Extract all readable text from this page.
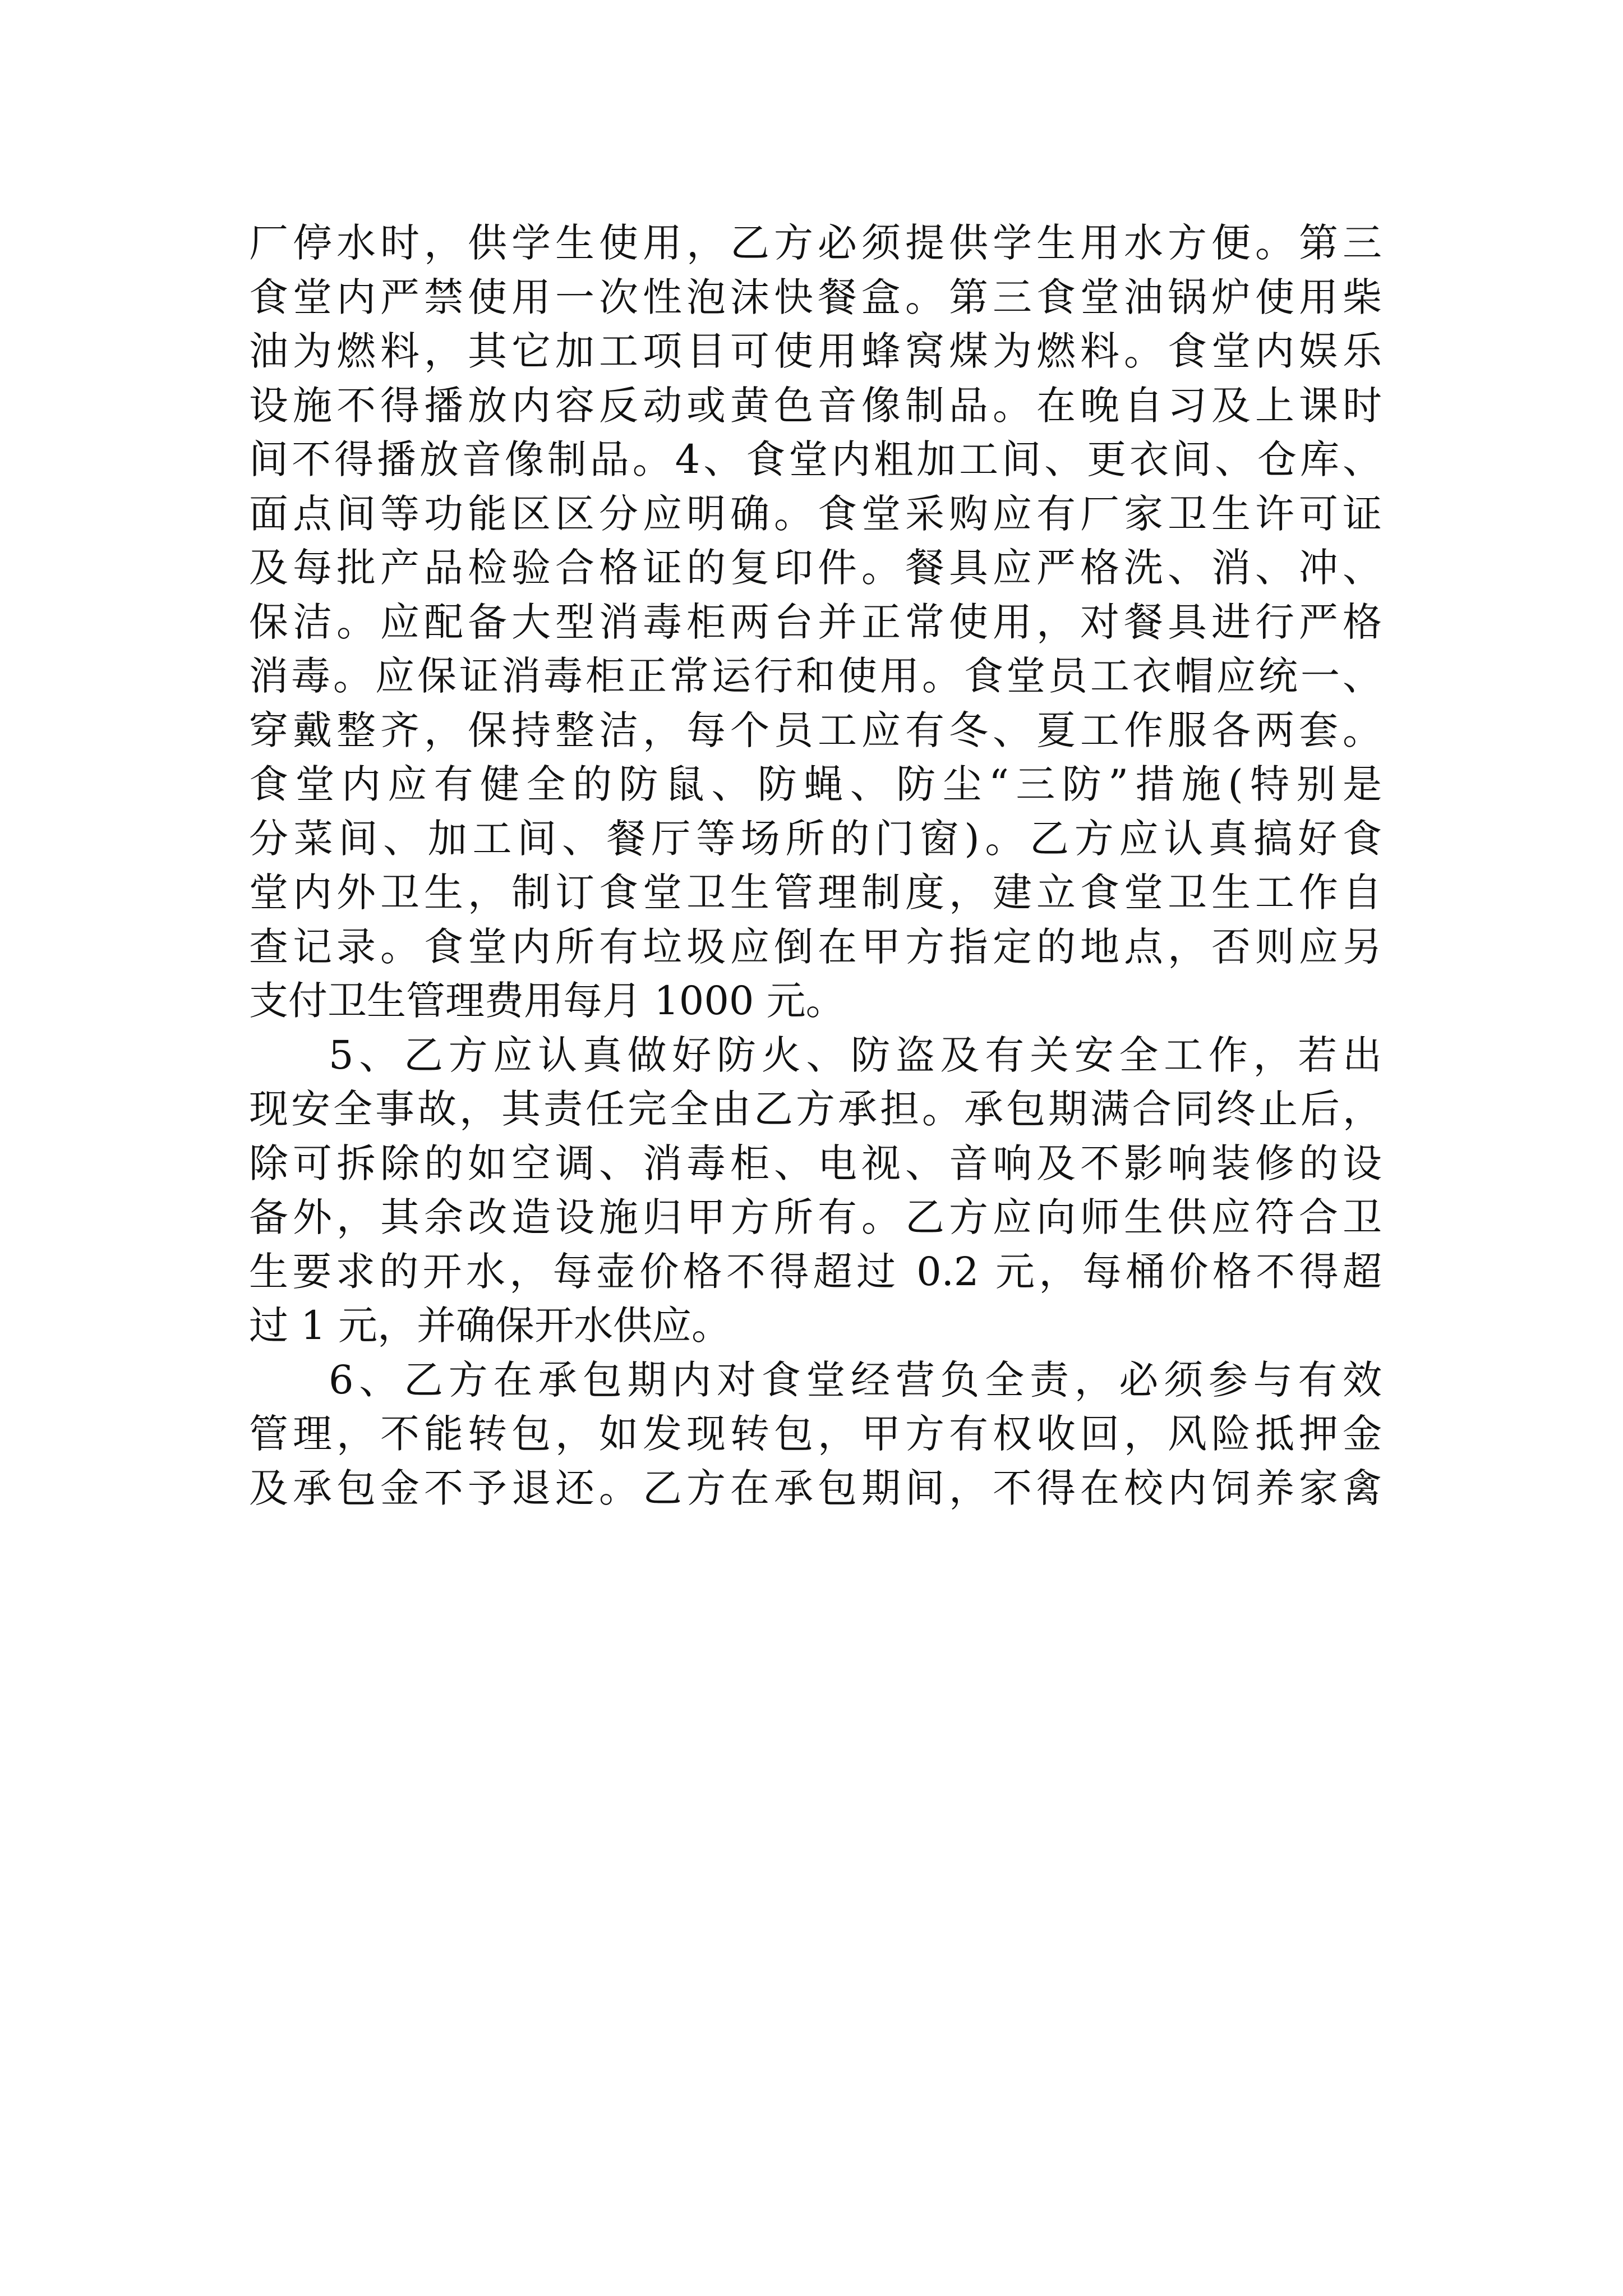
厂停水时，供学生使用，乙方必须提供学生用水方便。第三
食堂内严禁使用一次性泡沫快餐盒。第三食堂油锅炉使用柴
油为燃料，其它加工项目可使用蜂窝煤为燃料。食堂内娱乐
设施不得播放内容反动或黄色音像制品。在晚自习及上课时
间不得播放音像制品。4、食堂内粗加工间、更衣间、仓库、
面点间等功能区区分应明确。食堂采购应有厂家卫生许可证
及每批产品检验合格证的复印件。餐具应严格洗、消、冲、
保洁。应配备大型消毒柜两台并正常使用，对餐具进行严格
消毒。应保证消毒柜正常运行和使用。食堂员工衣帽应统一、
穿戴整齐，保持整洁，每个员工应有冬、夏工作服各两套。
食堂内应有健全的防鼠、防蝇、防尘“三防”措施(特别是
分菜间、加工间、餐厅等场所的门窗)。乙方应认真搞好食
堂内外卫生，制订食堂卫生管理制度，建立食堂卫生工作自
查记录。食堂内所有垃圾应倒在甲方指定的地点，否则应另
支付卫生管理费用每月 1000 元。
5、乙方应认真做好防火、防盗及有关安全工作，若出
现安全事故，其责任完全由乙方承担。承包期满合同终止后，
除可拆除的如空调、消毒柜、电视、音响及不影响装修的设
备外，其余改造设施归甲方所有。乙方应向师生供应符合卫
生要求的开水，每壶价格不得超过 0.2 元，每桶价格不得超
过 1 元，并确保开水供应。
6、乙方在承包期内对食堂经营负全责，必须参与有效
管理，不能转包，如发现转包，甲方有权收回，风险抵押金
及承包金不予退还。乙方在承包期间，不得在校内饲养家禽
